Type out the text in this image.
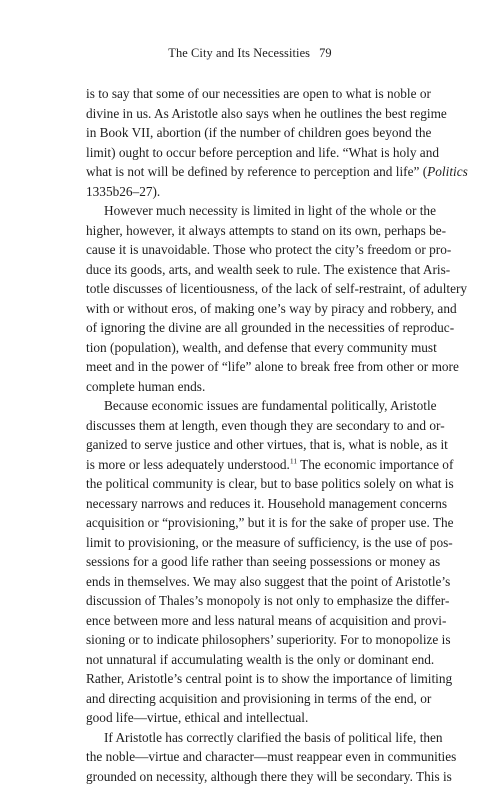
The City and Its Necessities 79
is to say that some of our necessities are open to what is noble or
divine in us. As Aristotle also says when he outlines the best regime
in Book VII, abortion (if the number of children goes beyond the
limit) ought to occur before perception and life. “What is holy and
what is not will be defined by reference to perception and life” (Politics
1335b26–27).
However much necessity is limited in light of the whole or the
higher, however, it always attempts to stand on its own, perhaps be-
cause it is unavoidable. Those who protect the city’s freedom or pro-
duce its goods, arts, and wealth seek to rule. The existence that Aris-
totle discusses of licentiousness, of the lack of self-restraint, of adultery
with or without eros, of making one’s way by piracy and robbery, and
of ignoring the divine are all grounded in the necessities of reproduc-
tion (population), wealth, and defense that every community must
meet and in the power of “life” alone to break free from other or more
complete human ends.
Because economic issues are fundamental politically, Aristotle
discusses them at length, even though they are secondary to and or-
ganized to serve justice and other virtues, that is, what is noble, as it
is more or less adequately understood.$^{11}$ The economic importance of
the political community is clear, but to base politics solely on what is
necessary narrows and reduces it. Household management concerns
acquisition or “provisioning,” but it is for the sake of proper use. The
limit to provisioning, or the measure of sufficiency, is the use of pos-
sessions for a good life rather than seeing possessions or money as
ends in themselves. We may also suggest that the point of Aristotle’s
discussion of Thales’s monopoly is not only to emphasize the differ-
ence between more and less natural means of acquisition and provi-
sioning or to indicate philosophers’ superiority. For to monopolize is
not unnatural if accumulating wealth is the only or dominant end.
Rather, Aristotle’s central point is to show the importance of limiting
and directing acquisition and provisioning in terms of the end, or
good life—virtue, ethical and intellectual.
If Aristotle has correctly clarified the basis of political life, then
the noble—virtue and character—must reappear even in communities
grounded on necessity, although there they will be secondary. This is
